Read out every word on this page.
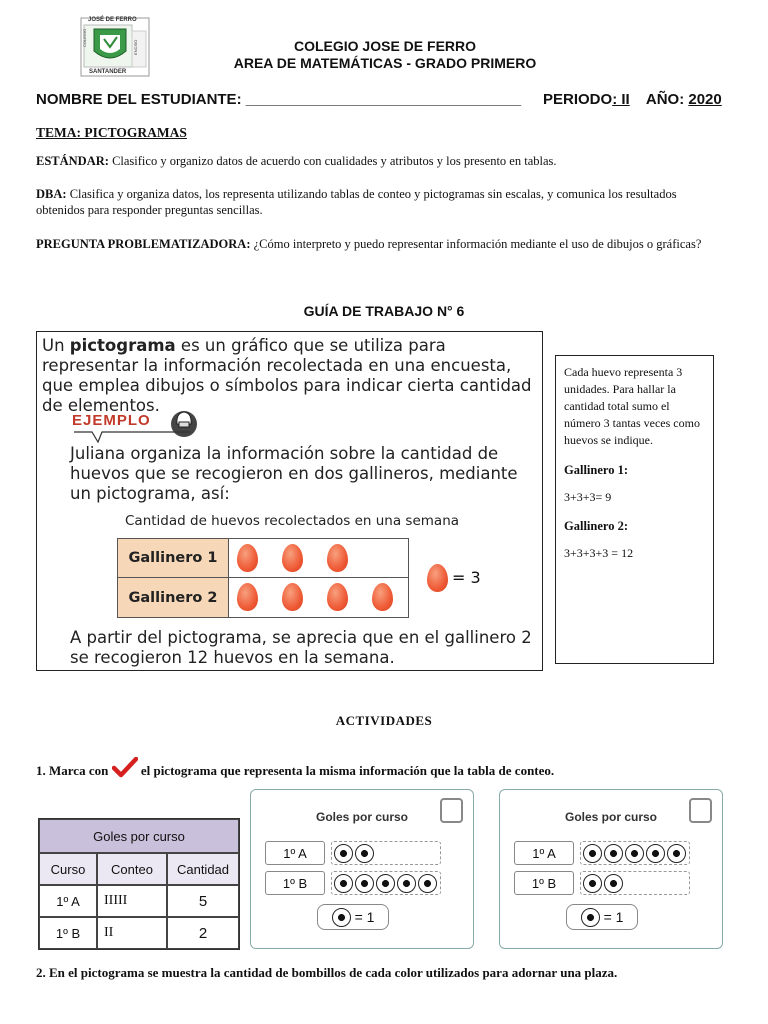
JOSÉ DE FERRO
SANTANDER
COLEGIO
ENCISO	COLEGIO JOSE DE FERRO
AREA DE MATEMÁTICAS - GRADO PRIMERO
NOMBRE DEL ESTUDIANTE: _________________________________ PERIODO: II AÑO: 2020
TEMA: PICTOGRAMAS
ESTÁNDAR: Clasifico y organizo datos de acuerdo con cualidades y atributos y los presento en tablas.
DBA: Clasifica y organiza datos, los representa utilizando tablas de conteo y pictogramas sin escalas, y comunica los resultados obtenidos para responder preguntas sencillas.
PREGUNTA PROBLEMATIZADORA: ¿Cómo interpreto y puedo representar información mediante el uso de dibujos o gráficas?
GUÍA DE TRABAJO N° 6
Un pictograma es un gráfico que se utiliza para representar la información recolectada en una encuesta, que emplea dibujos o símbolos para indicar cierta cantidad de elementos.
EJEMPLO
Juliana organiza la información sobre la cantidad de huevos que se recogieron en dos gallineros, mediante un pictograma, así:
Cantidad de huevos recolectados en una semana
Gallinero 1
Gallinero 2
= 3
A partir del pictograma, se aprecia que en el gallinero 2 se recogieron 12 huevos en la semana.
Cada huevo representa 3 unidades. Para hallar la cantidad total sumo el número 3 tantas veces como huevos se indique.
Gallinero 1:
3+3+3= 9
Gallinero 2:
3+3+3+3 = 12
ACTIVIDADES
1. Marca con	el pictograma que representa la misma información que la tabla de conteo.
Goles por curso
Curso	Conteo	Cantidad
1º A	IIIII	5
1º B	II	2
Goles por curso
1º A
1º B
= 1
Goles por curso
1º A
1º B
= 1
2. En el pictograma se muestra la cantidad de bombillos de cada color utilizados para adornar una plaza.
